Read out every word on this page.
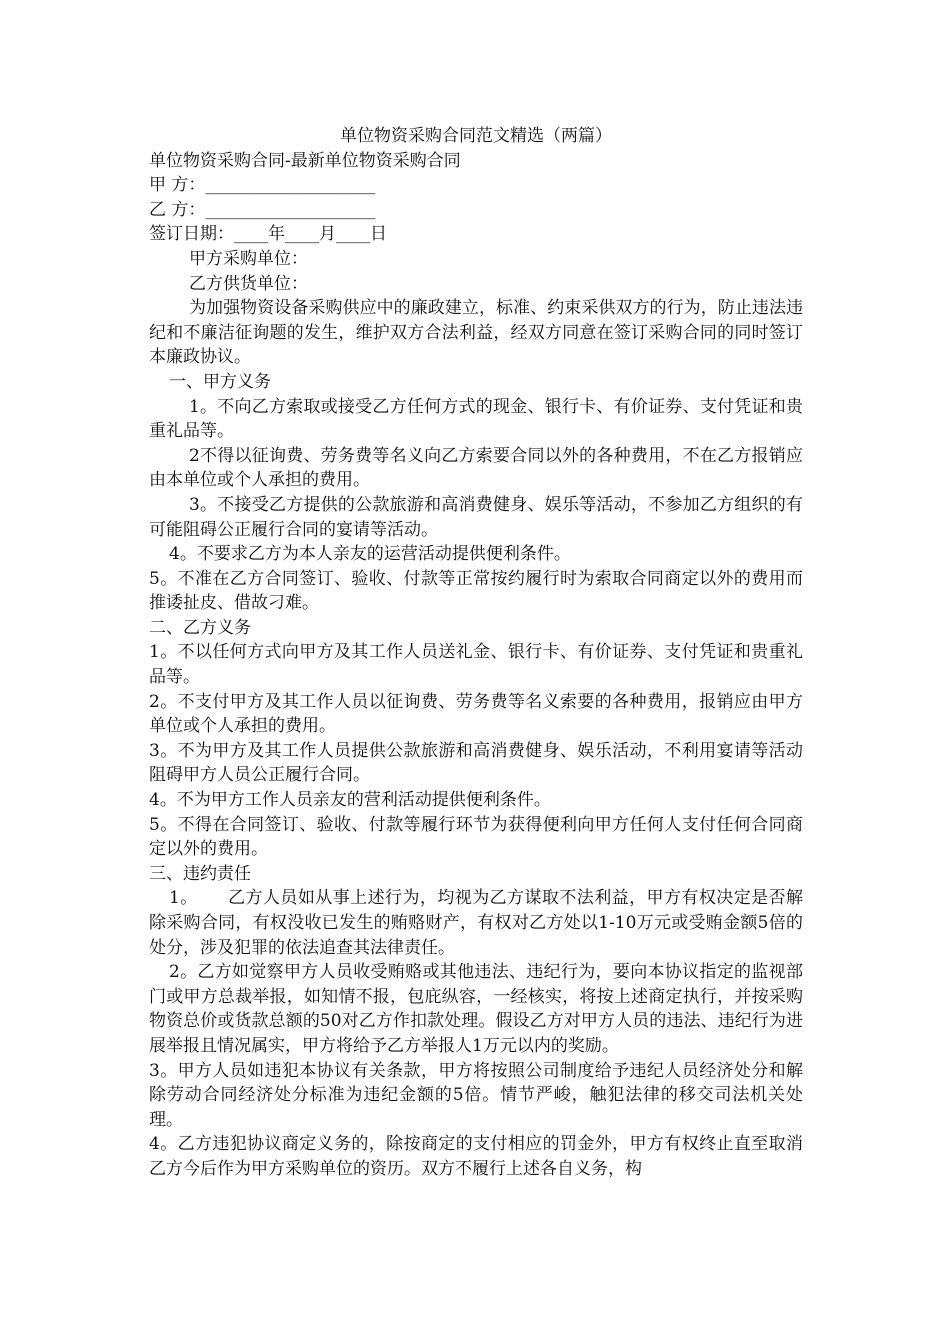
单位物资采购合同范文精选（两篇）

单位物资采购合同-最新单位物资采购合同

甲 方：____________________

乙 方：____________________

签订日期：____年____月____日

甲方采购单位：

乙方供货单位：

为加强物资设备采购供应中的廉政建立，标准、约束采供双方的行为，防止违法违纪和不廉洁征询题的发生，维护双方合法利益，经双方同意在签订采购合同的同时签订本廉政协议。

一、甲方义务

1。不向乙方索取或接受乙方任何方式的现金、银行卡、有价证券、支付凭证和贵重礼品等。

2不得以征询费、劳务费等名义向乙方索要合同以外的各种费用，不在乙方报销应由本单位或个人承担的费用。

3。不接受乙方提供的公款旅游和高消费健身、娱乐等活动，不参加乙方组织的有可能阻碍公正履行合同的宴请等活动。

4。不要求乙方为本人亲友的运营活动提供便利条件。

5。不准在乙方合同签订、验收、付款等正常按约履行时为索取合同商定以外的费用而推诿扯皮、借故刁难。

二、乙方义务

1。不以任何方式向甲方及其工作人员送礼金、银行卡、有价证券、支付凭证和贵重礼品等。

2。不支付甲方及其工作人员以征询费、劳务费等名义索要的各种费用，报销应由甲方单位或个人承担的费用。

3。不为甲方及其工作人员提供公款旅游和高消费健身、娱乐活动，不利用宴请等活动阻碍甲方人员公正履行合同。

4。不为甲方工作人员亲友的营利活动提供便利条件。

5。不得在合同签订、验收、付款等履行环节为获得便利向甲方任何人支付任何合同商定以外的费用。

三、违约责任

1。 乙方人员如从事上述行为，均视为乙方谋取不法利益，甲方有权决定是否解除采购合同，有权没收已发生的贿赂财产，有权对乙方处以1-10万元或受贿金额5倍的处分，涉及犯罪的依法追查其法律责任。

2。乙方如觉察甲方人员收受贿赂或其他违法、违纪行为，要向本协议指定的监视部门或甲方总裁举报，如知情不报，包庇纵容，一经核实，将按上述商定执行，并按采购物资总价或货款总额的50对乙方作扣款处理。假设乙方对甲方人员的违法、违纪行为进展举报且情况属实，甲方将给予乙方举报人1万元以内的奖励。

3。甲方人员如违犯本协议有关条款，甲方将按照公司制度给予违纪人员经济处分和解除劳动合同经济处分标准为违纪金额的5倍。情节严峻，触犯法律的移交司法机关处理。

4。乙方违犯协议商定义务的，除按商定的支付相应的罚金外，甲方有权终止直至取消乙方今后作为甲方采购单位的资历。双方不履行上述各自义务，构
